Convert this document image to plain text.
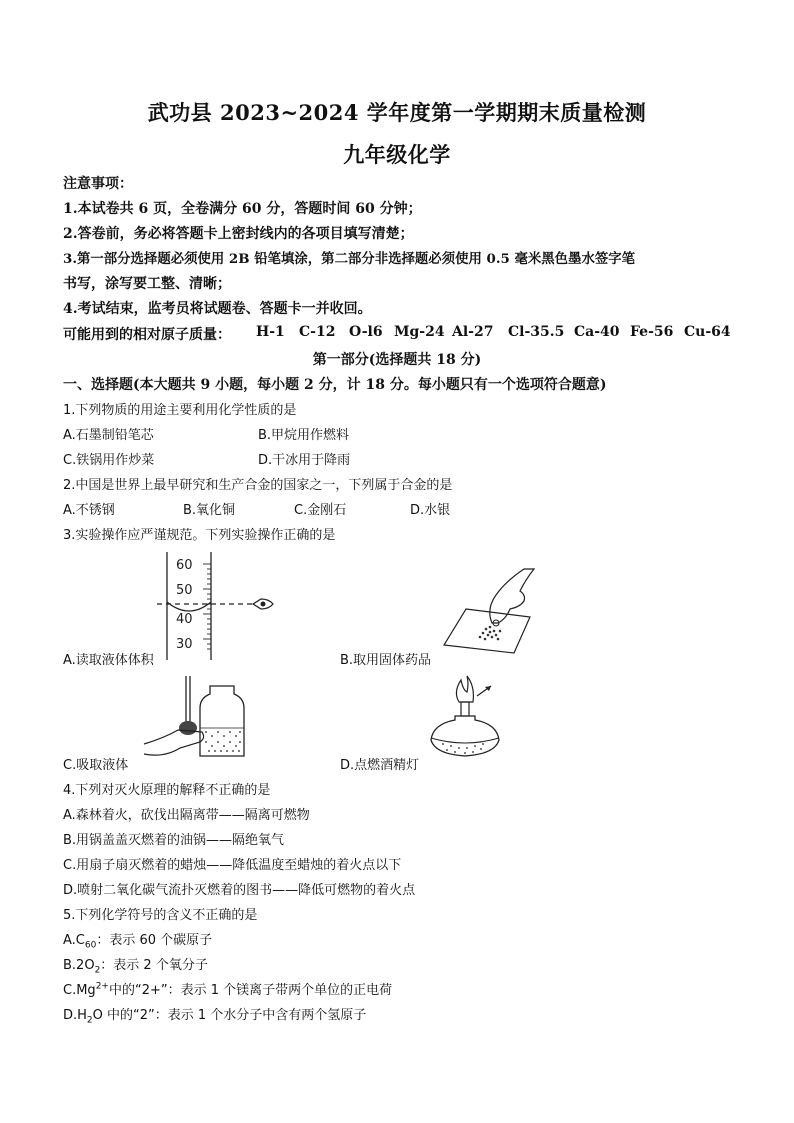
武功县 2023~2024 学年度第一学期期末质量检测
九年级化学
注意事项：
1.本试卷共 6 页，全卷满分 60 分，答题时间 60 分钟；
2.答卷前，务必将答题卡上密封线内的各项目填写清楚；
3.第一部分选择题必须使用 2B 铅笔填涂，第二部分非选择题必须使用 0.5 毫米黑色墨水签字笔
书写，涂写要工整、清晰；
4.考试结束，监考员将试题卷、答题卡一并收回。
可能用到的相对原子质量： H-1 C-12 O-l6 Mg-24 Al-27 Cl-35.5 Ca-40 Fe-56 Cu-64
第一部分(选择题共 18 分)
一、选择题(本大题共 9 小题，每小题 2 分，计 18 分。每小题只有一个选项符合题意)
1.下列物质的用途主要利用化学性质的是
A.石墨制铅笔芯	B.甲烷用作燃料
C.铁锅用作炒菜	D.干冰用于降雨
2.中国是世界上最早研究和生产合金的国家之一，下列属于合金的是
A.不锈钢	B.氧化铜	C.金刚石	D.水银
3.实验操作应严谨规范。下列实验操作正确的是
60
50
40
30
A.读取液体体积	B.取用固体药品
C.吸取液体	D.点燃酒精灯
4.下列对灭火原理的解释不正确的是
A.森林着火，砍伐出隔离带——隔离可燃物
B.用锅盖盖灭燃着的油锅——隔绝氧气
C.用扇子扇灭燃着的蜡烛——降低温度至蜡烛的着火点以下
D.喷射二氧化碳气流扑灭燃着的图书——降低可燃物的着火点
5.下列化学符号的含义不正确的是
$A.C_{60}$：表示 60 个碳原子
$B.2O_2$：表示 2 个氧分子
$C.Mg^{2+}$中的“2+”：表示 1 个镁离子带两个单位的正电荷
$D.H_2O$ 中的“2”：表示 1 个水分子中含有两个氢原子
